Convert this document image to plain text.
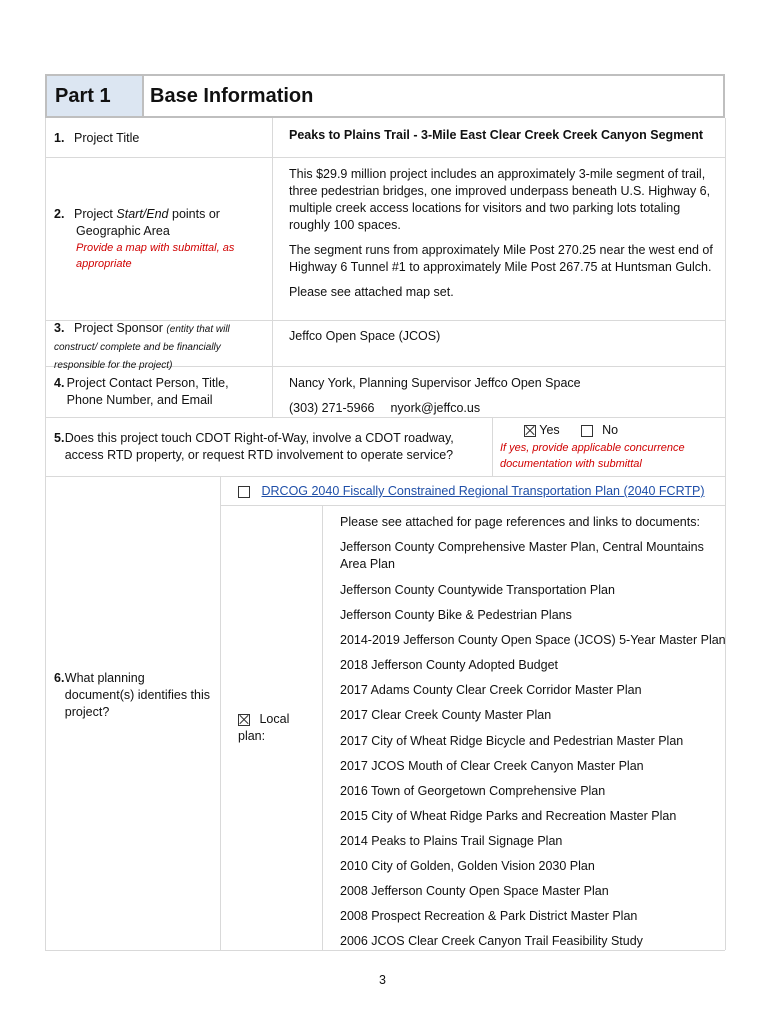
Part 1 Base Information
1. Project Title	Peaks to Plains Trail - 3-Mile East Clear Creek Creek Canyon Segment
2. Project Start/End points or
Geographic Area
Provide a map with submittal, as appropriate
This $29.9 million project includes an approximately 3-mile segment of trail, three pedestrian bridges, one improved underpass beneath U.S. Highway 6, multiple creek access locations for visitors and two parking lots totaling roughly 100 spaces.
The segment runs from approximately Mile Post 270.25 near the west end of Highway 6 Tunnel #1 to approximately Mile Post 267.75 at Huntsman Gulch.
Please see attached map set.
3. Project Sponsor (entity that will construct/ complete and be financially responsible for the project)
Jeffco Open Space (JCOS)
4. Project Contact Person, Title, Phone Number, and Email
Nancy York, Planning Supervisor Jeffco Open Space
(303) 271-5966 nyork@jeffco.us
5. Does this project touch CDOT Right-of-Way, involve a CDOT roadway, access RTD property, or request RTD involvement to operate service?
Yes	No
If yes, provide applicable concurrence documentation with submittal
6. What planning document(s) identifies this project?
DRCOG 2040 Fiscally Constrained Regional Transportation Plan (2040 FCRTP)
Local plan:
Please see attached for page references and links to documents:
Jefferson County Comprehensive Master Plan, Central Mountains Area Plan
Jefferson County Countywide Transportation Plan
Jefferson County Bike & Pedestrian Plans
2014-2019 Jefferson County Open Space (JCOS) 5-Year Master Plan
2018 Jefferson County Adopted Budget
2017 Adams County Clear Creek Corridor Master Plan
2017 Clear Creek County Master Plan
2017 City of Wheat Ridge Bicycle and Pedestrian Master Plan
2017 JCOS Mouth of Clear Creek Canyon Master Plan
2016 Town of Georgetown Comprehensive Plan
2015 City of Wheat Ridge Parks and Recreation Master Plan
2014 Peaks to Plains Trail Signage Plan
2010 City of Golden, Golden Vision 2030 Plan
2008 Jefferson County Open Space Master Plan
2008 Prospect Recreation & Park District Master Plan
2006 JCOS Clear Creek Canyon Trail Feasibility Study
3
